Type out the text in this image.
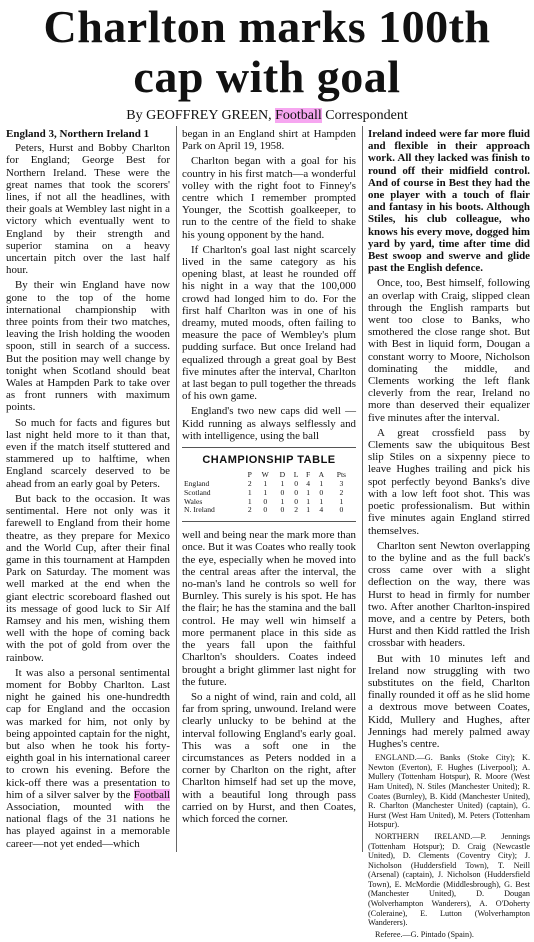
Charlton marks 100th
cap with goal
By GEOFFREY GREEN, Football Correspondent

England 3, Northern Ireland 1

Peters, Hurst and Bobby Charlton for England; George Best for Northern Ireland. These were the great names that took the scorers' lines, if not all the headlines, with their goals at Wembley last night in a victory which eventually went to England by their strength and superior stamina on a heavy uncertain pitch over the last half hour.

By their win England have now gone to the top of the home international championship with three points from their two matches, leaving the Irish holding the wooden spoon, still in search of a success. But the position may well change by tonight when Scotland should beat Wales at Hampden Park to take over as front runners with maximum points.

So much for facts and figures but last night held more to it than that, even if the match itself stuttered and stammered up to halftime, when England scarcely deserved to be ahead from an early goal by Peters.

But back to the occasion. It was sentimental. Here not only was it farewell to England from their home theatre, as they prepare for Mexico and the World Cup, after their final game in this tournament at Hampden Park on Saturday. The moment was well marked at the end when the giant electric scoreboard flashed out its message of good luck to Sir Alf Ramsey and his men, wishing them well with the hope of coming back with the pot of gold from over the rainbow.

It was also a personal sentimental moment for Bobby Charlton. Last night he gained his one-hundredth cap for England and the occasion was marked for him, not only by being appointed captain for the night, but also when he took his forty-eighth goal in his international career to crown his evening. Before the kick-off there was a presentation to him of a silver salver by the Football Association, mounted with the national flags of the 31 nations he has played against in a memorable career—not yet ended—which

began in an England shirt at Hampden Park on April 19, 1958.

Charlton began with a goal for his country in his first match—a wonderful volley with the right foot to Finney's centre which I remember prompted Younger, the Scottish goalkeeper, to run to the centre of the field to shake his young opponent by the hand.

If Charlton's goal last night scarcely lived in the same category as his opening blast, at least he rounded off his night in a way that the 100,000 crowd had longed him to do. For the first half Charlton was in one of his dreamy, muted moods, often failing to measure the pace of Wembley's plum pudding surface. But once Ireland had equalized through a great goal by Best five minutes after the interval, Charlton at last began to pull together the threads of his own game.

England's two new caps did well — Kidd running as always selflessly and with intelligence, using the ball

CHAMPIONSHIP TABLE
	P	W	D	L	F	A	Pts
England	2	1	1	0	4	1	3
Scotland	1	1	0	0	1	0	2
Wales	1	0	1	0	1	1	1
N. Ireland	2	0	0	2	1	4	0

well and being near the mark more than once. But it was Coates who really took the eye, especially when he moved into the central areas after the interval, the no-man's land he controls so well for Burnley. This surely is his spot. He has the flair; he has the stamina and the ball control. He may well win himself a more permanent place in this side as the years fall upon the faithful Charlton's shoulders. Coates indeed brought a bright glimmer last night for the future.

So a night of wind, rain and cold, all far from spring, unwound. Ireland were clearly unlucky to be behind at the interval following England's early goal. This was a soft one in the circumstances as Peters nodded in a corner by Charlton on the right, after Charlton himself had set up the move, with a beautiful long through pass carried on by Hurst, and then Coates, which forced the corner.

Ireland indeed were far more fluid and flexible in their approach work. All they lacked was finish to round off their midfield control. And of course in Best they had the one player with a touch of flair and fantasy in his boots. Although Stiles, his club colleague, who knows his every move, dogged him yard by yard, time after time did Best swoop and swerve and glide past the English defence.

Once, too, Best himself, following an overlap with Craig, slipped clean through the English ramparts but went too close to Banks, who smothered the close range shot. But with Best in liquid form, Dougan a constant worry to Moore, Nicholson dominating the middle, and Clements working the left flank cleverly from the rear, Ireland no more than deserved their equalizer five minutes after the interval.

A great crossfield pass by Clements saw the ubiquitous Best slip Stiles on a sixpenny piece to leave Hughes trailing and pick his spot perfectly beyond Banks's dive with a low left foot shot. This was poetic professionalism. But within five minutes again England stirred themselves.

Charlton sent Newton overlapping to the byline and as the full back's cross came over with a slight deflection on the way, there was Hurst to head in firmly for number two. After another Charlton-inspired move, and a centre by Peters, both Hurst and then Kidd rattled the Irish crossbar with headers.

But with 10 minutes left and Ireland now struggling with two substitutes on the field, Charlton finally rounded it off as he slid home a dextrous move between Coates, Kidd, Mullery and Hughes, after Jennings had merely palmed away Hughes's centre.

ENGLAND.—G. Banks (Stoke City); K. Newton (Everton), F. Hughes (Liverpool); A. Mullery (Tottenham Hotspur), R. Moore (West Ham United), N. Stiles (Manchester United); R. Coates (Burnley), B. Kidd (Manchester United), R. Charlton (Manchester United) (captain), G. Hurst (West Ham United), M. Peters (Tottenham Hotspur).

NORTHERN IRELAND.—P. Jennings (Tottenham Hotspur); D. Craig (Newcastle United), D. Clements (Coventry City); J. Nicholson (Huddersfield Town), T. Neill (Arsenal) (captain), J. Nicholson (Huddersfield Town), E. McMordie (Middlesbrough), G. Best (Manchester United), D. Dougan (Wolverhampton Wanderers), A. O'Doherty (Coleraine), E. Lutton (Wolverhampton Wanderers).

Referee.—G. Pintado (Spain).
